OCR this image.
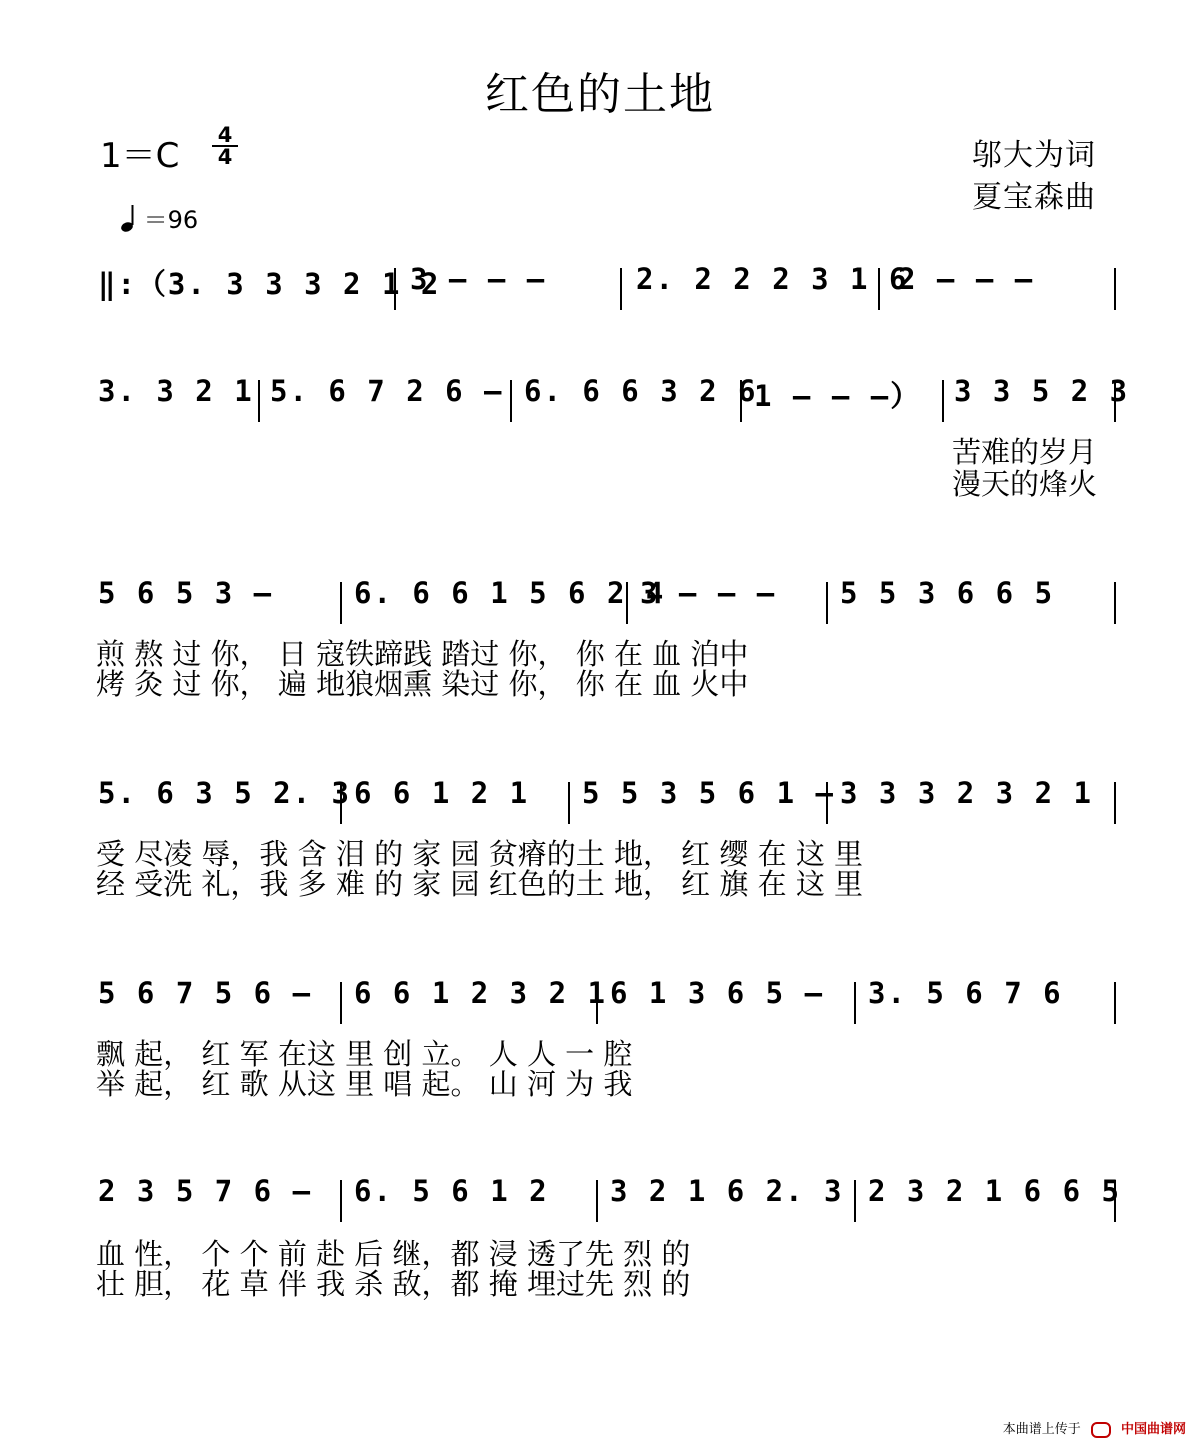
红色的土地
1＝C
4
4	邬大为词
夏宝森曲
＝96
‖:（3. 3 3 3 2 1 2
3 – – –	2. 2 2 2 3 1 6
2 – – –
3. 3 2 1 5. 6 7 2 6 – 6. 6 6 3 2 6
1 – – –） 3 3 5 2 3
苦难的岁月
漫天的烽火
5 6 5 3 –	6. 6 6 1 5 6 2 4
3 – – – 5 5 3 6 6 5
煎 熬 过 你， 日 寇铁蹄践 踏过 你， 你 在 血 泊中
烤 灸 过 你， 遍 地狼烟熏 染过 你， 你 在 血 火中
5. 6 3 5 2. 3 6 6 1 2 1 5 5 3 5 6 1 – 3 3 3 2 3 2 1
受 尽凌 辱，我 含 泪 的 家 园 贫瘠的土 地， 红 缨 在 这 里
经 受洗 礼，我 多 难 的 家 园 红色的土 地， 红 旗 在 这 里
5 6 7 5 6 – 6 6 1 2 3 2 1 6 1 3 6 5 – 3. 5 6 7 6
飘 起， 红 军 在这 里 创 立。 人 人 一 腔
举 起， 红 歌 从这 里 唱 起。 山 河 为 我
2 3 5 7 6 – 6. 5 6 1 2 3 2 1 6 2. 3 2 3 2 1 6 6 5
血 性， 个 个 前 赴 后 继，都 浸 透了先 烈 的
壮 胆， 花 草 伴 我 杀 敌，都 掩 埋过先 烈 的
本曲谱上传于	中国曲谱网
